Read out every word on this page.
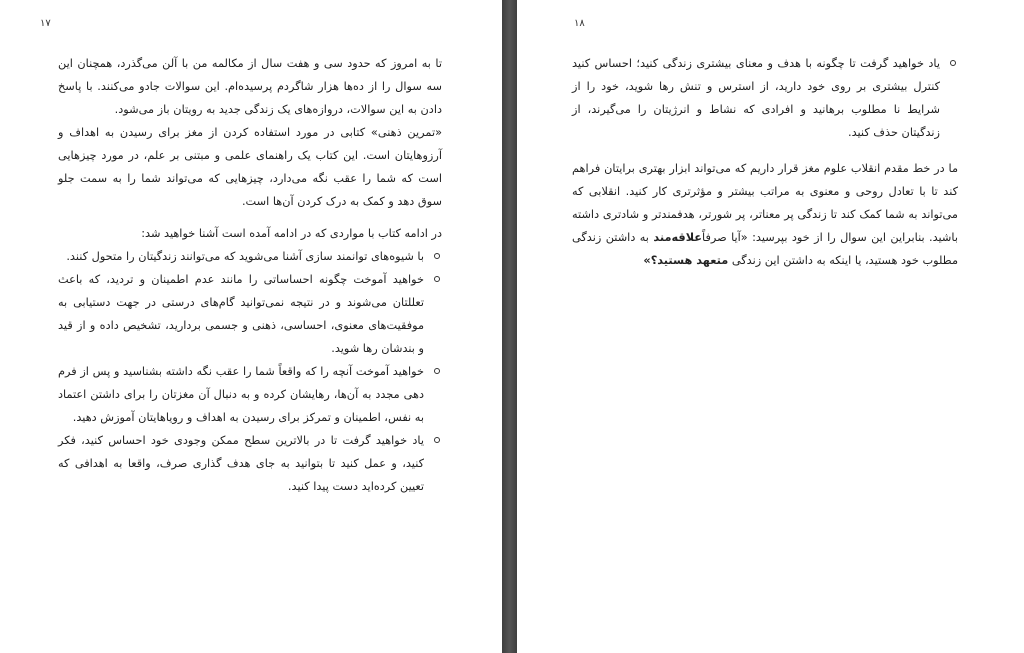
۱۷

تا به امروز که حدود سی و هفت سال از مکالمه من با آلن می‌گذرد، همچنان این سه سوال را از ده‌ها هزار شاگردم پرسیده‌ام. این سوالات جادو می‌کنند. با پاسخ دادن به این سوالات، دروازه‌های یک زندگی جدید به رویتان باز می‌شود.

«تمرین ذهنی» کتابی در مورد استفاده کردن از مغز برای رسیدن به اهداف و آرزوهایتان است. این کتاب یک راهنمای علمی و مبتنی بر علم، در مورد چیزهایی است که شما را عقب نگه می‌دارد، چیزهایی که می‌تواند شما را به سمت جلو سوق دهد و کمک به درک کردن آن‌ها است.

در ادامه کتاب با مواردی که در ادامه آمده است آشنا خواهید شد:

با شیوه‌های توانمند سازی آشنا می‌شوید که می‌توانند زندگیتان را متحول کنند.
خواهید آموخت چگونه احساساتی را مانند عدم اطمینان و تردید، که باعث تعللتان می‌شوند و در نتیجه نمی‌توانید گام‌های درستی در جهت دستیابی به موفقیت‌های معنوی، احساسی، ذهنی و جسمی بردارید، تشخیص داده و از قید و بندشان رها شوید.
خواهید آموخت آنچه را که واقعاً شما را عقب نگه داشته بشناسید و پس از فرم دهی مجدد به آن‌ها، رهایشان کرده و به دنبال آن مغزتان را برای داشتن اعتماد به نفس، اطمینان و تمرکز برای رسیدن به اهداف و رویاهایتان آموزش دهید.
یاد خواهید گرفت تا در بالاترین سطح ممکن وجودی خود احساس کنید، فکر کنید، و عمل کنید تا بتوانید به جای هدف گذاری صرف، واقعا به اهدافی که تعیین کرده‌اید دست پیدا کنید.
۱۸
یاد خواهید گرفت تا چگونه با هدف و معنای بیشتری زندگی کنید؛ احساس کنید کنترل بیشتری بر روی خود دارید، از استرس و تنش رها شوید، خود را از شرایط نا مطلوب برهانید و افرادی که نشاط و انرژیتان را می‌گیرند، از زندگیتان حذف کنید.

ما در خط مقدم انقلاب علوم مغز قرار داریم که می‌تواند ابزار بهتری برایتان فراهم کند تا با تعادل روحی و معنوی به مراتب بیشتر و مؤثرتری کار کنید. انقلابی که می‌تواند به شما کمک کند تا زندگی پر معناتر، پر شورتر، هدفمندتر و شادتری داشته باشید. بنابراین این سوال را از خود بپرسید: «آیا صرفاًعلاقه‌مند به داشتن زندگی مطلوب خود هستید، یا اینکه به داشتن این زندگی متعهد هستید؟»
